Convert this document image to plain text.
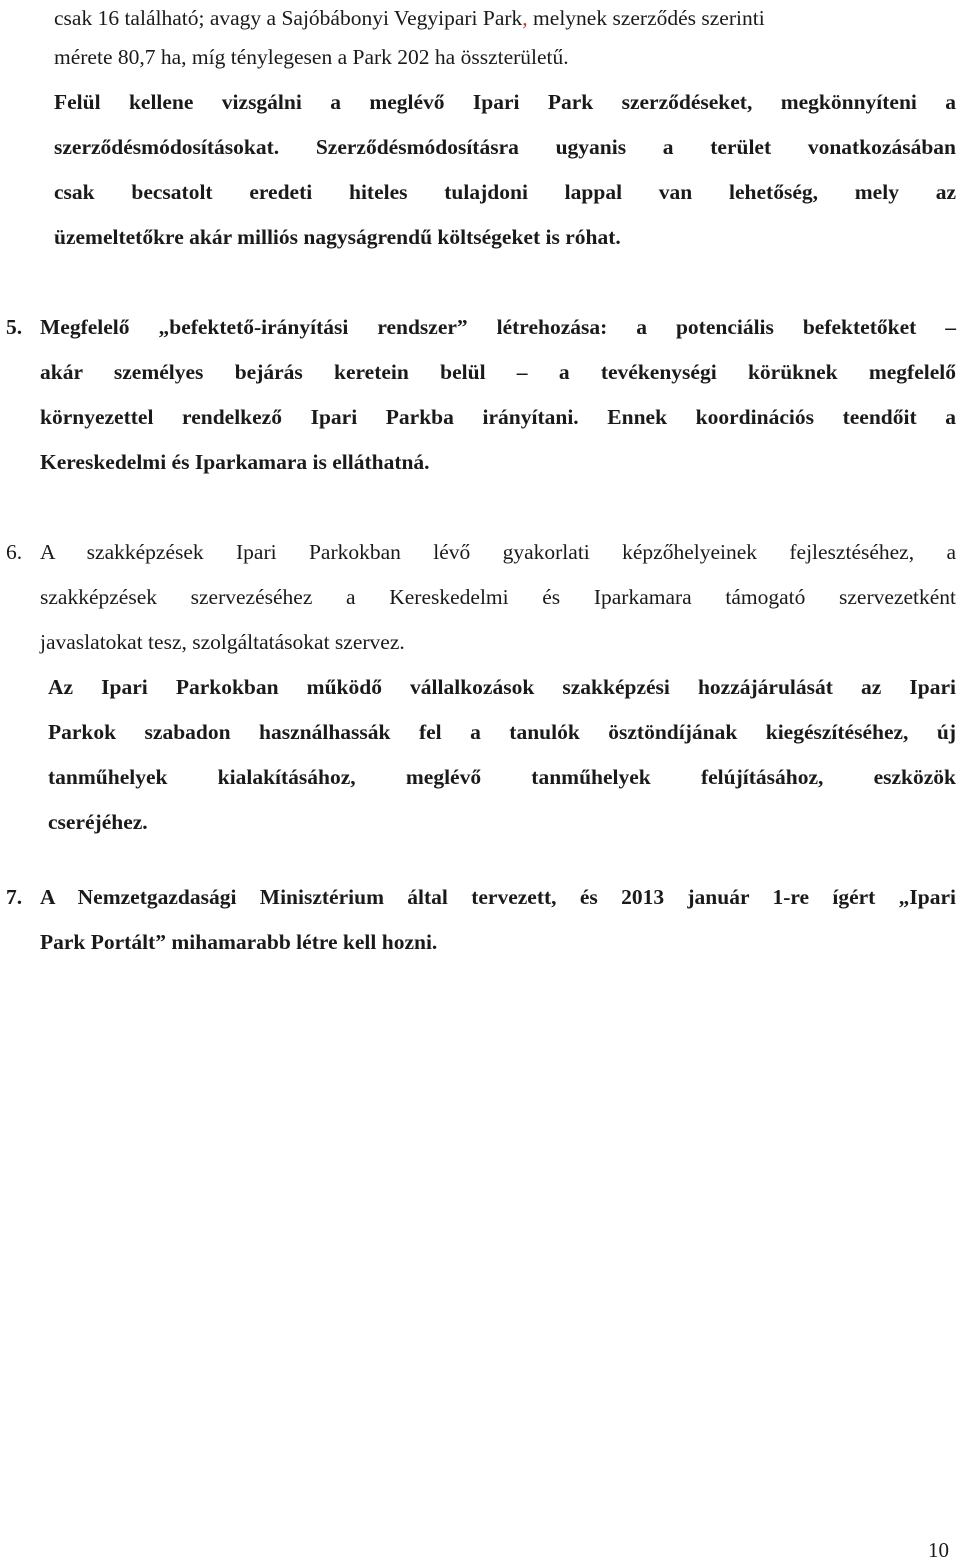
csak 16 található; avagy a Sajóbábonyi Vegyipari Park, melynek szerződés szerinti
mérete 80,7 ha, míg ténylegesen a Park 202 ha összterületű.
Felül kellene vizsgálni a meglévő Ipari Park szerződéseket, megkönnyíteni a
szerződésmódosításokat. Szerződésmódosításra ugyanis a terület vonatkozásában
csak becsatolt eredeti hiteles tulajdoni lappal van lehetőség, mely az
üzemeltetőkre akár milliós nagyságrendű költségeket is róhat.
5. Megfelelő „befektető-irányítási rendszer” létrehozása: a potenciális befektetőket –
akár személyes bejárás keretein belül – a tevékenységi körüknek megfelelő
környezettel rendelkező Ipari Parkba irányítani. Ennek koordinációs teendőit a
Kereskedelmi és Iparkamara is elláthatná.
6. A szakképzések Ipari Parkokban lévő gyakorlati képzőhelyeinek fejlesztéséhez, a
szakképzések szervezéséhez a Kereskedelmi és Iparkamara támogató szervezetként
javaslatokat tesz, szolgáltatásokat szervez.
Az Ipari Parkokban működő vállalkozások szakképzési hozzájárulását az Ipari
Parkok szabadon használhassák fel a tanulók ösztöndíjának kiegészítéséhez, új
tanműhelyek kialakításához, meglévő tanműhelyek felújításához, eszközök
cseréjéhez.
7. A Nemzetgazdasági Minisztérium által tervezett, és 2013 január 1-re ígért „Ipari
Park Portált” mihamarabb létre kell hozni.
10
